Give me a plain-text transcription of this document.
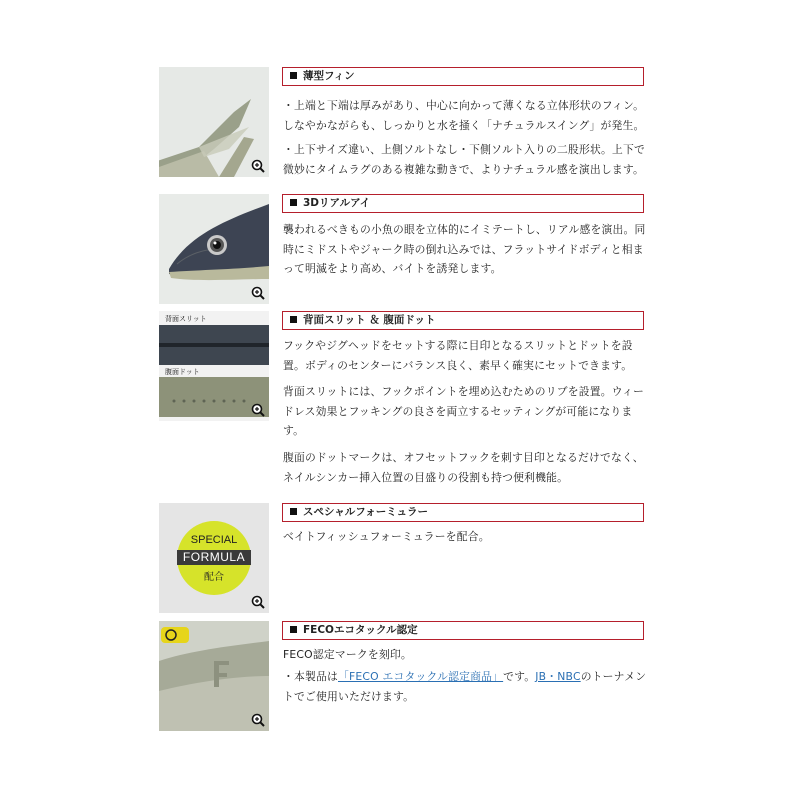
薄型フィン

・上端と下端は厚みがあり、中心に向かって薄くなる立体形状のフィン。しなやかながらも、しっかりと水を掻く「ナチュラルスイング」が発生。

・上下サイズ違い、上側ソルトなし・下側ソルト入りの二股形状。上下で微妙にタイムラグのある複雑な動きで、よりナチュラル感を演出します。

3Dリアルアイ

襲われるべきもの小魚の眼を立体的にイミテートし、リアル感を演出。同時にミドストやジャーク時の倒れ込みでは、フラットサイドボディと相まって明滅をより高め、バイトを誘発します。

背面スリット
腹面ドット
背面スリット ＆ 腹面ドット

フックやジグヘッドをセットする際に目印となるスリットとドットを設置。ボディのセンターにバランス良く、素早く確実にセットできます。

背面スリットには、フックポイントを埋め込むためのリブを設置。ウィードレス効果とフッキングの良さを両立するセッティングが可能になります。

腹面のドットマークは、オフセットフックを刺す目印となるだけでなく、ネイルシンカー挿入位置の目盛りの役割も持つ便利機能。

SPECIAL
FORMULA
配合
スペシャルフォーミュラー

ベイトフィッシュフォーミュラーを配合。

FECOエコタックル認定

FECO認定マークを刻印。

・本製品は「FECO エコタックル認定商品」です。JB・NBCのトーナメントでご使用いただけます。
